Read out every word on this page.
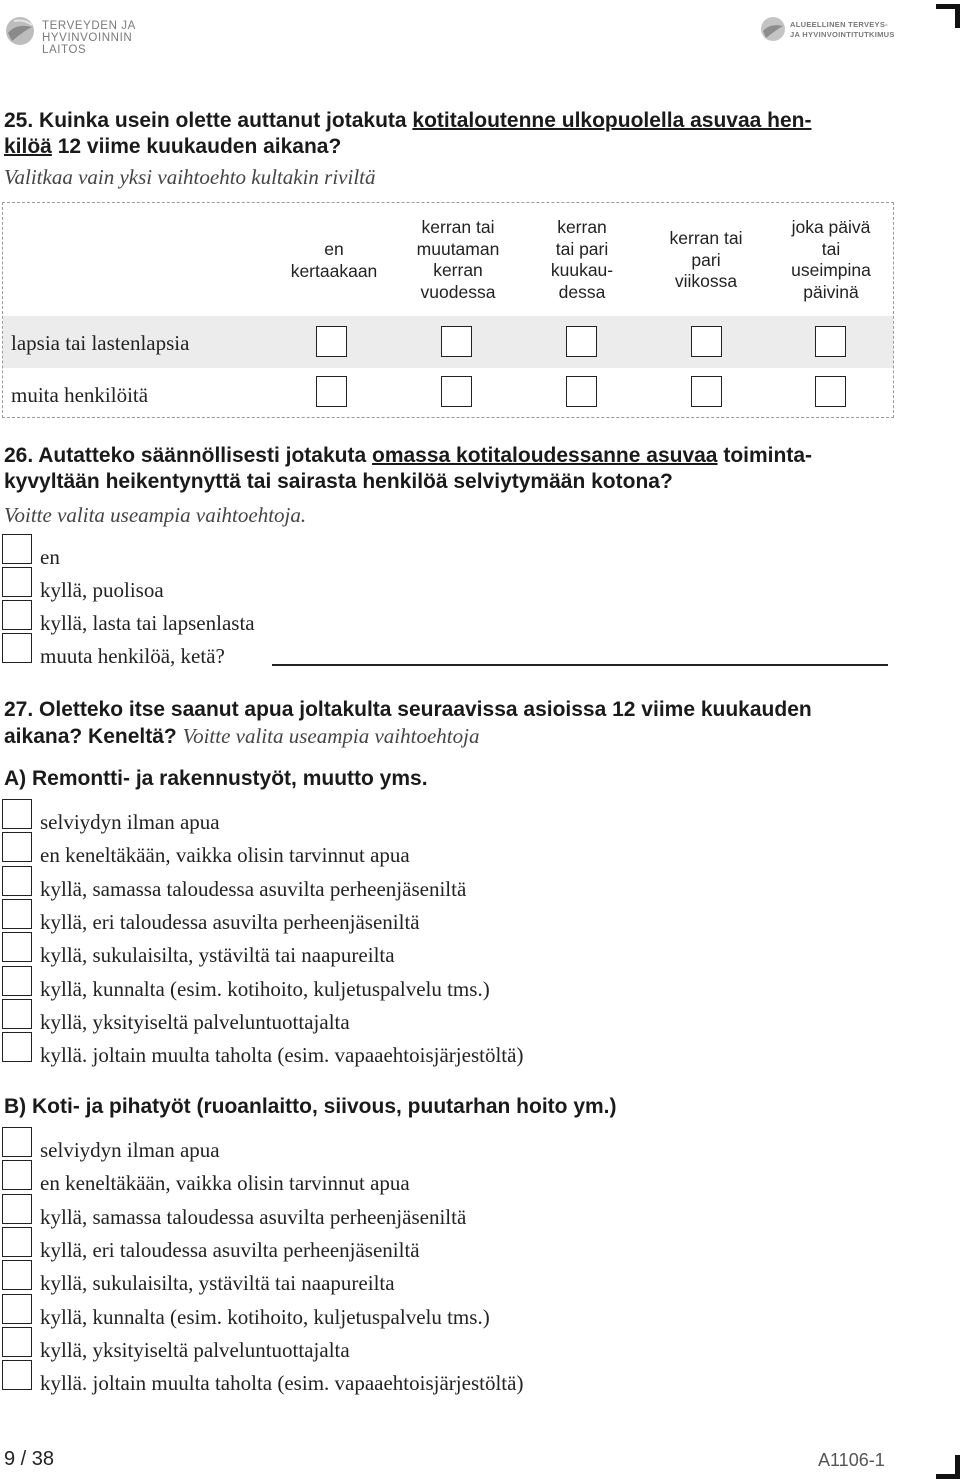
TERVEYDEN JA
HYVINVOINNIN LAITOS
ALUEELLINEN TERVEYS-
JA HYVINVOINTITUTKIMUS
25. Kuinka usein olette auttanut jotakuta kotitaloutenne ulkopuolella asuvaa hen-
kilöä 12 viime kuukauden aikana?
Valitkaa vain yksi vaihtoehto kultakin riviltä
en
kertaakaan
kerran tai
muutaman
kerran
vuodessa
kerran
tai pari
kuukau-
dessa
kerran tai
pari
viikossa
joka päivä
tai
useimpina
päivinä
lapsia tai lastenlapsia
muita henkilöitä
26. Autatteko säännöllisesti jotakuta omassa kotitaloudessanne asuvaa toiminta-
kyvyltään heikentynyttä tai sairasta henkilöä selviytymään kotona?
Voitte valita useampia vaihtoehtoja.
en
kyllä, puolisoa
kyllä, lasta tai lapsenlasta
muuta henkilöä, ketä?
27. Oletteko itse saanut apua joltakulta seuraavissa asioissa 12 viime kuukauden
aikana? Keneltä? Voitte valita useampia vaihtoehtoja
A) Remontti- ja rakennustyöt, muutto yms.
selviydyn ilman apua
en keneltäkään, vaikka olisin tarvinnut apua
kyllä, samassa taloudessa asuvilta perheenjäseniltä
kyllä, eri taloudessa asuvilta perheenjäseniltä
kyllä, sukulaisilta, ystäviltä tai naapureilta
kyllä, kunnalta (esim. kotihoito, kuljetuspalvelu tms.)
kyllä, yksityiseltä palveluntuottajalta
kyllä. joltain muulta taholta (esim. vapaaehtoisjärjestöltä)
B) Koti- ja pihatyöt (ruoanlaitto, siivous, puutarhan hoito ym.)
selviydyn ilman apua
en keneltäkään, vaikka olisin tarvinnut apua
kyllä, samassa taloudessa asuvilta perheenjäseniltä
kyllä, eri taloudessa asuvilta perheenjäseniltä
kyllä, sukulaisilta, ystäviltä tai naapureilta
kyllä, kunnalta (esim. kotihoito, kuljetuspalvelu tms.)
kyllä, yksityiseltä palveluntuottajalta
kyllä. joltain muulta taholta (esim. vapaaehtoisjärjestöltä)
9 / 38	A1106-1
